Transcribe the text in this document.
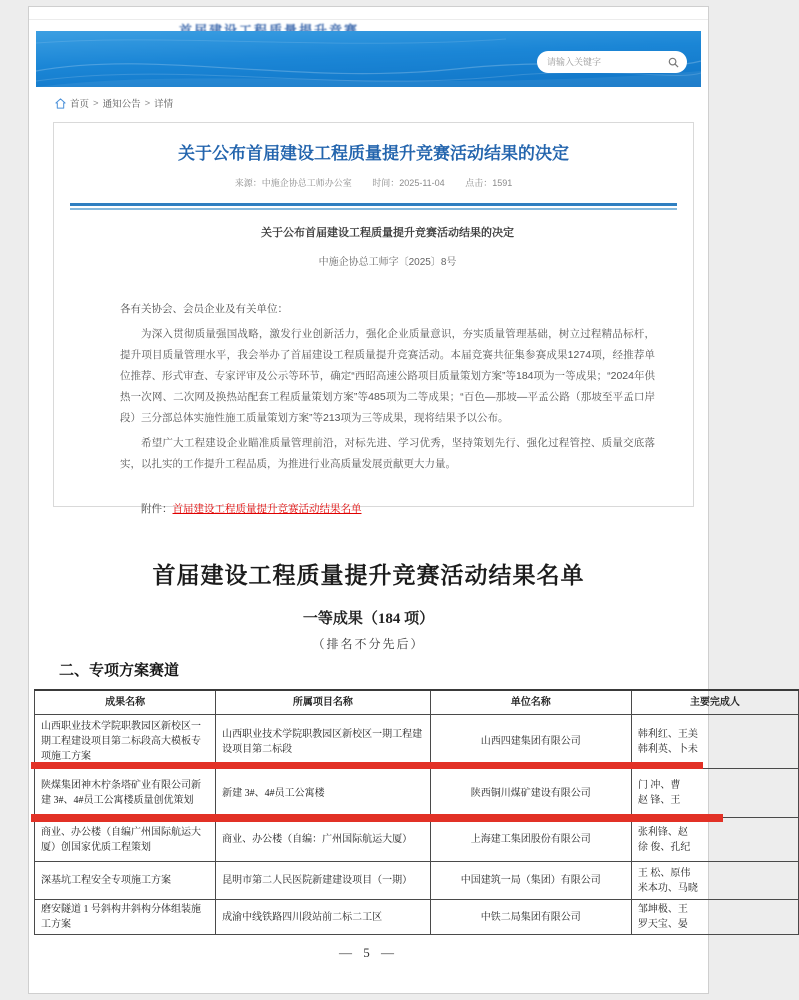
请输入关键字
首页 > 通知公告 > 详情
关于公布首届建设工程质量提升竞赛活动结果的决定
来源：中施企协总工师办公室 时间：2025-11-04 点击：1591
关于公布首届建设工程质量提升竞赛活动结果的决定
中施企协总工师字〔2025〕8号
各有关协会、会员企业及有关单位：

为深入贯彻质量强国战略，激发行业创新活力，强化企业质量意识，夯实质量管理基础，树立过程精品标杆，提升项目质量管理水平，我会举办了首届建设工程质量提升竞赛活动。本届竞赛共征集参赛成果1274项，经推荐单位推荐、形式审查、专家评审及公示等环节，确定“西昭高速公路项目质量策划方案”等184项为一等成果；“2024年供热一次网、二次网及换热站配套工程质量策划方案”等485项为二等成果；“百色—那坡—平孟公路（那坡至平孟口岸段）三分部总体实施性施工质量策划方案”等213项为三等成果，现将结果予以公布。

希望广大工程建设企业瞄准质量管理前沿，对标先进、学习优秀，坚持策划先行、强化过程管控、质量交底落实，以扎实的工作提升工程品质，为推进行业高质量发展贡献更大力量。

附件：首届建设工程质量提升竞赛活动结果名单
首届建设工程质量提升竞赛活动结果名单
一等成果（184 项）
（排名不分先后）
二、专项方案赛道
成果名称	所属项目名称	单位名称	主要完成人
山西职业技术学院职教园区新校区一期工程建设项目第二标段高大模板专项施工方案	山西职业技术学院职教园区新校区一期工程建设项目第二标段	山西四建集团有限公司	韩利红、王美
韩利英、卜未
陕煤集团神木柠条塔矿业有限公司新建 3#、4#员工公寓楼质量创优策划	新建 3#、4#员工公寓楼	陕西铜川煤矿建设有限公司	门 冲、曹
赵 锋、王
商业、办公楼（自编广州国际航运大厦）创国家优质工程策划	商业、办公楼（自编：广州国际航运大厦）	上海建工集团股份有限公司	张利锋、赵
徐 俊、孔纪
深基坑工程安全专项施工方案	昆明市第二人民医院新建建设项目（一期）	中国建筑一局（集团）有限公司	王 松、原伟
米本功、马晓
磨安隧道 1 号斜构井斜构分体组装施工方案	成渝中线铁路四川段站前二标二工区	中铁二局集团有限公司	邹坤极、王
罗天宝、晏
— 5 —
